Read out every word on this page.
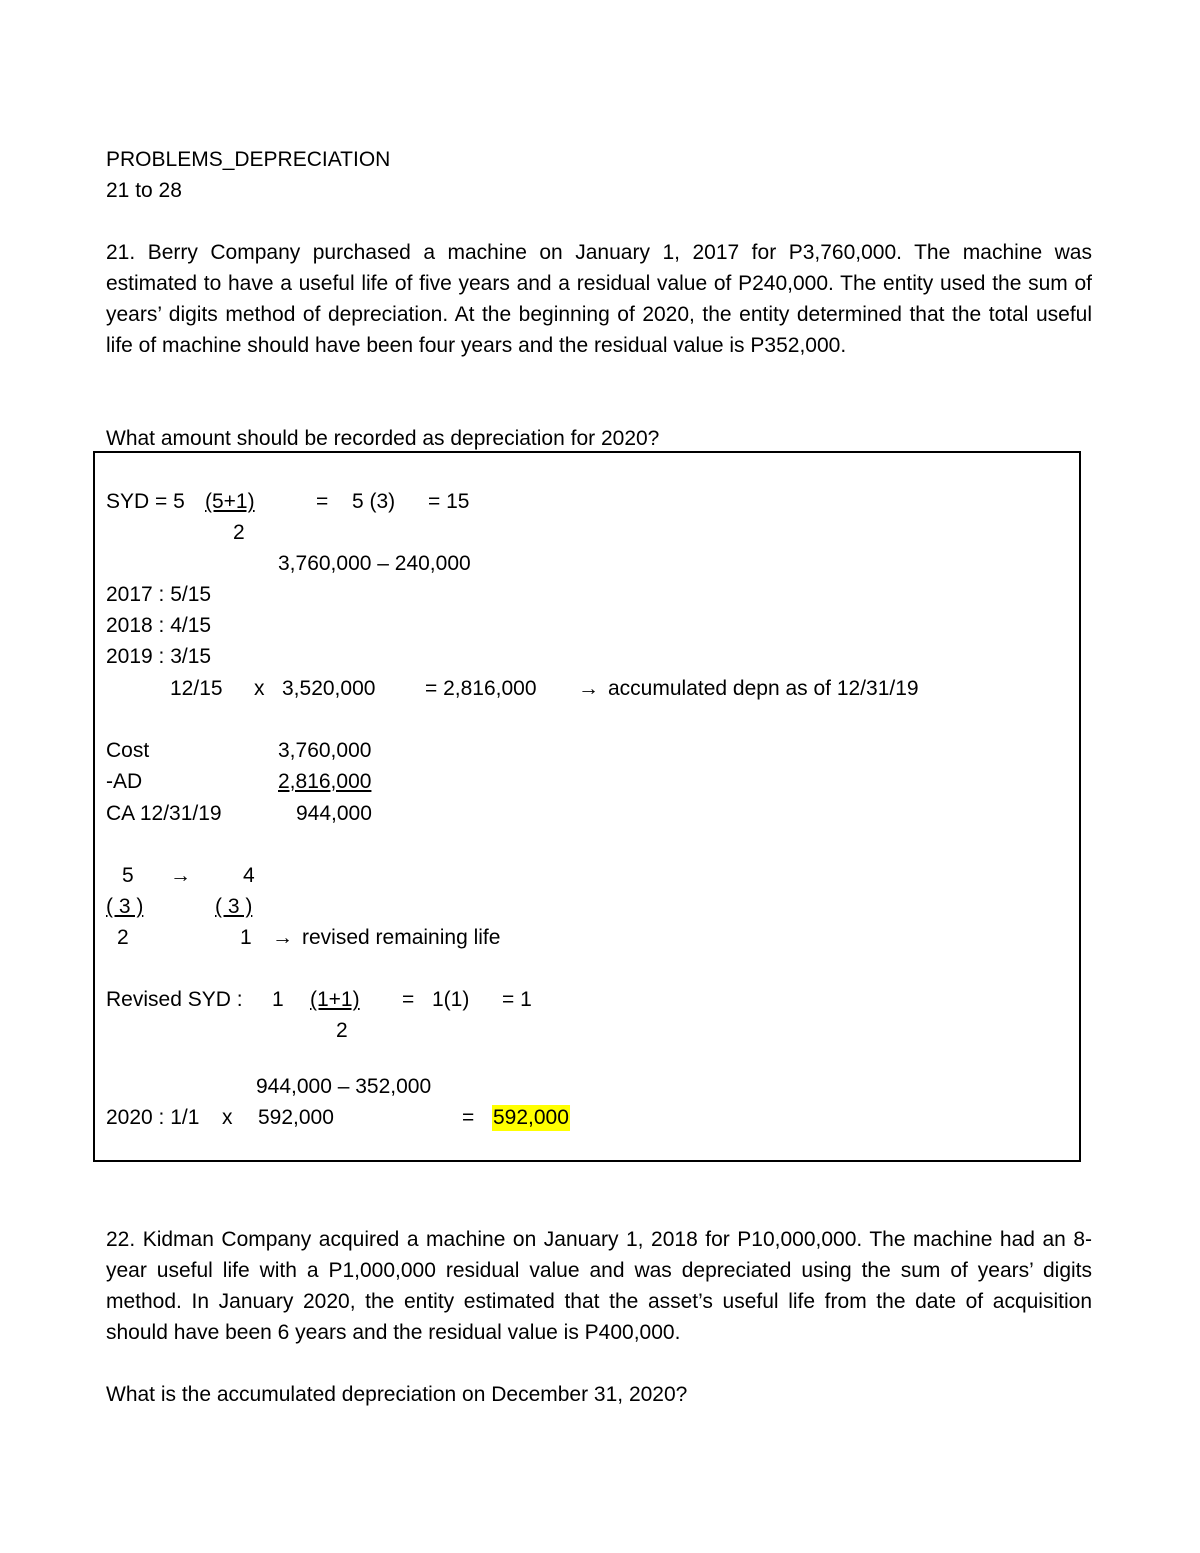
PROBLEMS_DEPRECIATION
21 to 28
21. Berry Company purchased a machine on January 1, 2017 for P3,760,000. The machine was estimated to have a useful life of five years and a residual value of P240,000. The entity used the sum of years’ digits method of depreciation. At the beginning of 2020, the entity determined that the total useful life of machine should have been four years and the residual value is P352,000.
What amount should be recorded as depreciation for 2020?
SYD = 5 (5+1)	= 5 (3) = 15
2
3,760,000 – 240,000
2017 : 5/15
2018 : 4/15
2019 : 3/15
12/15 x 3,520,000 = 2,816,000 → accumulated depn as of 12/31/19
Cost	3,760,000
-AD	2,816,000
CA 12/31/19	944,000
5 → 4
( 3 )	( 3 )
2	1 → revised remaining life
Revised SYD : 1 (1+1) = 1(1) = 1
2
944,000 – 352,000
2020 : 1/1 x 592,000	= 592,000
22. Kidman Company acquired a machine on January 1, 2018 for P10,000,000. The machine had an 8-year useful life with a P1,000,000 residual value and was depreciated using the sum of years’ digits method. In January 2020, the entity estimated that the asset’s useful life from the date of acquisition should have been 6 years and the residual value is P400,000.
What is the accumulated depreciation on December 31, 2020?
